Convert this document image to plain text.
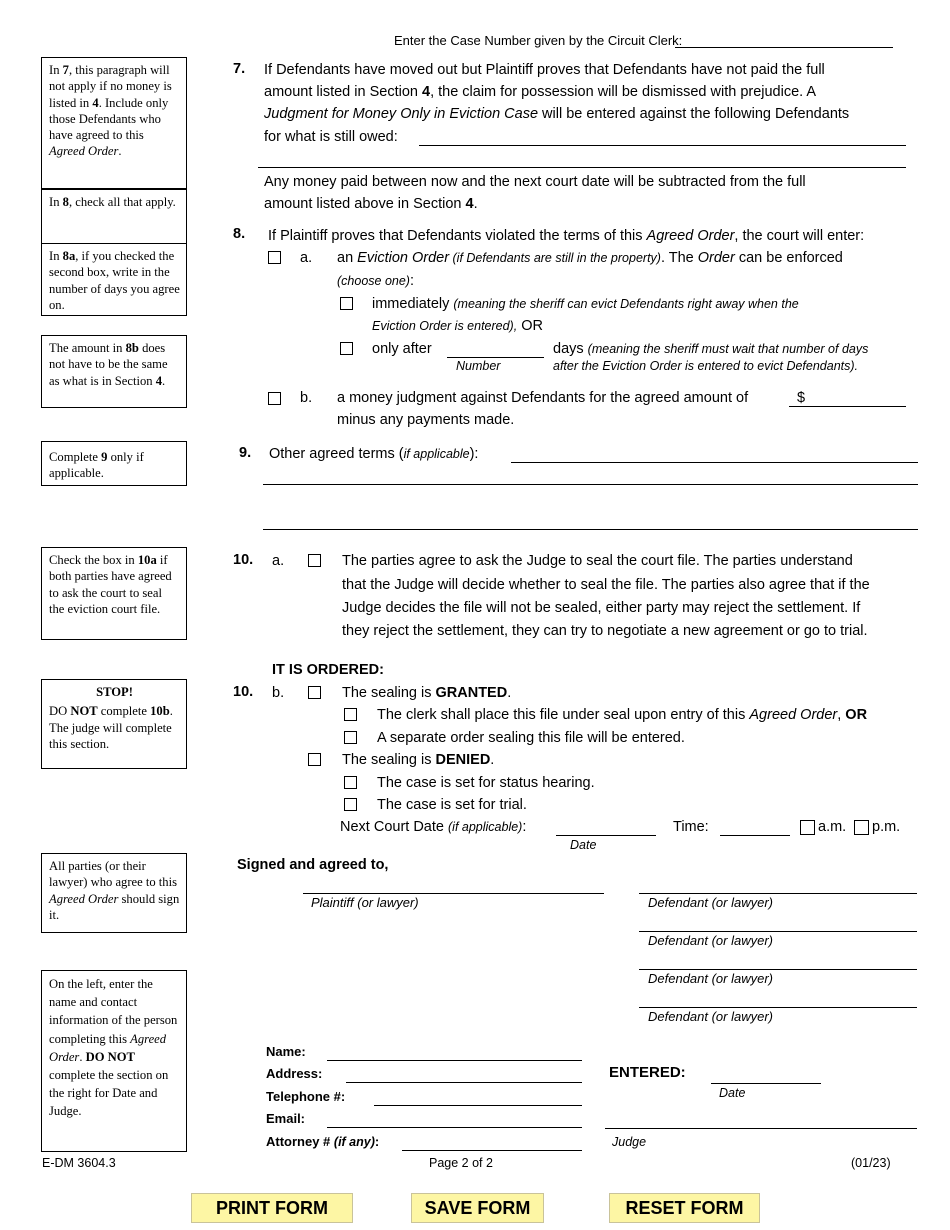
Enter the Case Number given by the Circuit Clerk:
In 7, this paragraph will not apply if no money is listed in 4. Include only those Defendants who have agreed to this Agreed Order.
In 8, check all that apply.
In 8a, if you checked the second box, write in the number of days you agree on.
The amount in 8b does not have to be the same as what is in Section 4.
Complete 9 only if applicable.
Check the box in 10a if both parties have agreed to ask the court to seal the eviction court file.
STOP!
DO NOT complete 10b. The judge will complete this section.
All parties (or their lawyer) who agree to this Agreed Order should sign it.
On the left, enter the name and contact information of the person completing this Agreed Order. DO NOT complete the section on the right for Date and Judge.
7. If Defendants have moved out but Plaintiff proves that Defendants have not paid the full
amount listed in Section 4, the claim for possession will be dismissed with prejudice. A
Judgment for Money Only in Eviction Case will be entered against the following Defendants
for what is still owed:
Any money paid between now and the next court date will be subtracted from the full
amount listed above in Section 4.
8. If Plaintiff proves that Defendants violated the terms of this Agreed Order, the court will enter:
a. an Eviction Order (if Defendants are still in the property). The Order can be enforced
(choose one):
immediately (meaning the sheriff can evict Defendants right away when the
Eviction Order is entered), OR
only after
Number
days (meaning the sheriff must wait that number of days
after the Eviction Order is entered to evict Defendants).
b. a money judgment against Defendants for the agreed amount of	$
minus any payments made.
9. Other agreed terms (if applicable):
10. a.	The parties agree to ask the Judge to seal the court file. The parties understand
that the Judge will decide whether to seal the file. The parties also agree that if the
Judge decides the file will not be sealed, either party may reject the settlement. If
they reject the settlement, they can try to negotiate a new agreement or go to trial.
IT IS ORDERED:
10. b.	The sealing is GRANTED.
The clerk shall place this file under seal upon entry of this Agreed Order, OR
A separate order sealing this file will be entered.
The sealing is DENIED.
The case is set for status hearing.
The case is set for trial.
Next Court Date (if applicable):
Date
Time:	a.m. p.m.
Signed and agreed to,
Plaintiff (or lawyer)	Defendant (or lawyer)
Defendant (or lawyer)
Defendant (or lawyer)
Defendant (or lawyer)
Name:
Address:
Telephone #:
Email:
Attorney # (if any):
ENTERED:
Date
Judge
E-DM 3604.3	Page 2 of 2	(01/23)
PRINT FORM	SAVE FORM	RESET FORM
